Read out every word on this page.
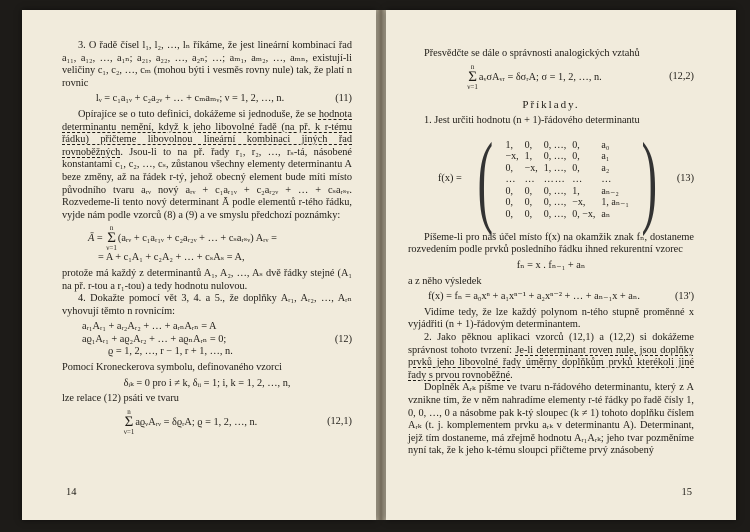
3. O řadě čísel l₁, l₂, …, lₙ říkáme, že jest lineární kombinací řad a₁₁, a₁₂, …, a₁ₙ; a₂₁, a₂₂, …, a₂ₙ; …; aₘ₁, aₘ₂, …, aₘₙ, existují-li veličiny c₁, c₂, …, cₘ (mohou býti i vesměs rovny nule) tak, že platí n rovnic

lᵥ = c₁a₁ᵥ + c₂a₂ᵥ + … + cₘaₘᵥ; ν = 1, 2, …, n.	(11)

Opírajíce se o tuto definici, dokážeme si jednoduše, že se hodnota determinantu nemění, když k jeho libovolné řadě (na př. k r-tému řádku) přičteme libovolnou lineární kombinaci jiných řad rovnoběžných. Jsou-li to na př. řady r₁, r₂, …, rₛ-tá, násobené konstantami c₁, c₂, …, cₛ, zůstanou všechny elementy determinantu A beze změny, až na řádek r-tý, jehož obecný element bude míti místo původního tvaru aᵣᵥ nový aᵣᵥ + c₁aᵣ₁ᵥ + c₂aᵣ₂ᵥ + … + cₛaᵣₛᵥ. Rozvedeme-li tento nový determinant Ā podle elementů r-tého řádku, vyjde nám podle vzorců (8) a (9) a ve smyslu předchozí poznámky:

Ā =
n
Σ
ν=1
(aᵣᵥ + c₁aᵣ₁ᵥ + c₂aᵣ₂ᵥ + … + cₛaᵣₛᵥ) Aᵣᵥ =
= A + c₁A₁ + c₂A₂ + … + cₛAₛ = A,

protože má každý z determinantů A₁, A₂, …, Aₛ dvě řádky stejné (A₁ na př. r-tou a r₁-tou) a tedy hodnotu nulovou.

4. Dokažte pomocí vět 3, 4. a 5., že doplňky Aᵣ₁, Aᵣ₂, …, Aᵣₙ vyhovují těmto n rovnicím:

aᵣ₁Aᵣ₁ + aᵣ₂Aᵣ₂ + … + aᵣₙAᵣₙ = A
aϱ₁Aᵣ₁ + aϱ₂Aᵣ₂ + … + aϱₙAᵣₙ = 0;
ϱ = 1, 2, …, r − 1, r + 1, …, n.
(12)

Pomocí Kroneckerova symbolu, definovaného vzorci

δᵢₖ = 0 pro i ≠ k, δᵢᵢ = 1; i, k = 1, 2, …, n,

lze relace (12) psáti ve tvaru

n
Σ
ν=1
aϱᵥAᵣᵥ = δϱᵣA; ϱ = 1, 2, …, n.	(12,1)
14

Přesvědčte se dále o správnosti analogických vztahů

n
Σ
ν=1
aᵥσAᵥᵣ = δσᵣA; σ = 1, 2, …, n.	(12,2)
Příklady.

1. Jest určiti hodnotu (n + 1)-řádového determinantu

f(x) = ( 1,	0,	0, …,	0,	a₀
−x,	1,	0, …,	0,	a₁
0,	−x,	1, …,	0,	a₂
…	…	……	…	…
0,	0,	0, …,	1,	aₙ₋₂
0,	0,	0, …,	−x,	1, aₙ₋₁
0,	0,	0, …,	0, −x,	aₙ ) (13)

Píšeme-li pro náš účel místo f(x) na okamžik znak fₙ, dostaneme rozvedením podle prvků posledního řádku ihned rekurentní vzorec

fₙ = x . fₙ₋₁ + aₙ

a z něho výsledek

f(x) = fₙ = a₀xⁿ + a₁xⁿ⁻¹ + a₂xⁿ⁻² + … + aₙ₋₁x + aₙ.	(13')

Vidíme tedy, že lze každý polynom n-tého stupně proměnné x vyjádřiti (n + 1)-řádovým determinantem.

2. Jako pěknou aplikaci vzorců (12,1) a (12,2) si dokážeme správnost tohoto tvrzení: Je-li determinant roven nule, jsou doplňky prvků jeho libovolné řady úměrny doplňkům prvků kterékoli jiné řady s prvou rovnoběžné.

Doplněk Aᵣₖ píšme ve tvaru n-řádového determinantu, který z A vznikne tím, že v něm nahradíme elementy r-té řádky po řadě čísly 1, 0, 0, …, 0 a násobme pak k-tý sloupec (k ≠ 1) tohoto doplňku číslem Aᵣₖ (t. j. komplementem prvku aᵣₖ v determinantu A). Determinant, jejž tím dostaneme, má zřejmě hodnotu Aᵣ₁Aᵣₖ; jeho tvar pozměníme nyní tak, že k jeho k-tému sloupci přičteme prvý znásobený

15
